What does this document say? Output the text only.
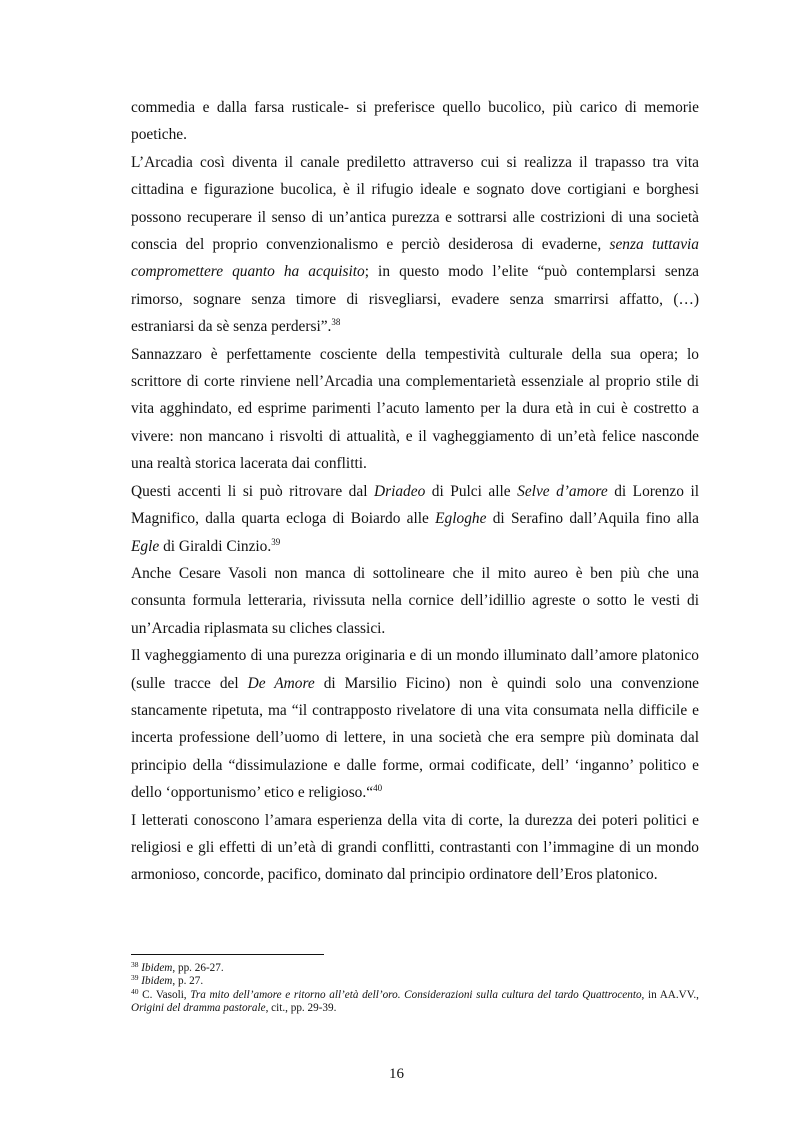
commedia e dalla farsa rusticale- si preferisce quello bucolico, più carico di memorie poetiche.

L’Arcadia così diventa il canale prediletto attraverso cui si realizza il trapasso tra vita cittadina e figurazione bucolica, è il rifugio ideale e sognato dove cortigiani e borghesi possono recuperare il senso di un’antica purezza e sottrarsi alle costrizioni di una società conscia del proprio convenzionalismo e perciò desiderosa di evaderne, senza tuttavia compromettere quanto ha acquisito; in questo modo l’elite “può contemplarsi senza rimorso, sognare senza timore di risvegliarsi, evadere senza smarrirsi affatto, (…) estraniarsi da sè senza perdersi”.$^{38}$

Sannazzaro è perfettamente cosciente della tempestività culturale della sua opera; lo scrittore di corte rinviene nell’Arcadia una complementarietà essenziale al proprio stile di vita agghindato, ed esprime parimenti l’acuto lamento per la dura età in cui è costretto a vivere: non mancano i risvolti di attualità, e il vagheggiamento di un’età felice nasconde una realtà storica lacerata dai conflitti.

Questi accenti li si può ritrovare dal Driadeo di Pulci alle Selve d’amore di Lorenzo il Magnifico, dalla quarta ecloga di Boiardo alle Egloghe di Serafino dall’Aquila fino alla Egle di Giraldi Cinzio.$^{39}$

Anche Cesare Vasoli non manca di sottolineare che il mito aureo è ben più che una consunta formula letteraria, rivissuta nella cornice dell’idillio agreste o sotto le vesti di un’Arcadia riplasmata su cliches classici.

Il vagheggiamento di una purezza originaria e di un mondo illuminato dall’amore platonico (sulle tracce del De Amore di Marsilio Ficino) non è quindi solo una convenzione stancamente ripetuta, ma “il contrapposto rivelatore di una vita consumata nella difficile e incerta professione dell’uomo di lettere, in una società che era sempre più dominata dal principio della “dissimulazione e dalle forme, ormai codificate, dell’ ‘inganno’ politico e dello ‘opportunismo’ etico e religioso.“$^{40}$

I letterati conoscono l’amara esperienza della vita di corte, la durezza dei poteri politici e religiosi e gli effetti di un’età di grandi conflitti, contrastanti con l’immagine di un mondo armonioso, concorde, pacifico, dominato dal principio ordinatore dell’Eros platonico.

$^{38}$ Ibidem, pp. 26-27.

$^{39}$ Ibidem, p. 27.

$^{40}$ C. Vasoli, Tra mito dell’amore e ritorno all’età dell’oro. Considerazioni sulla cultura del tardo Quattrocento, in AA.VV., Origini del dramma pastorale, cit., pp. 29-39.

16
